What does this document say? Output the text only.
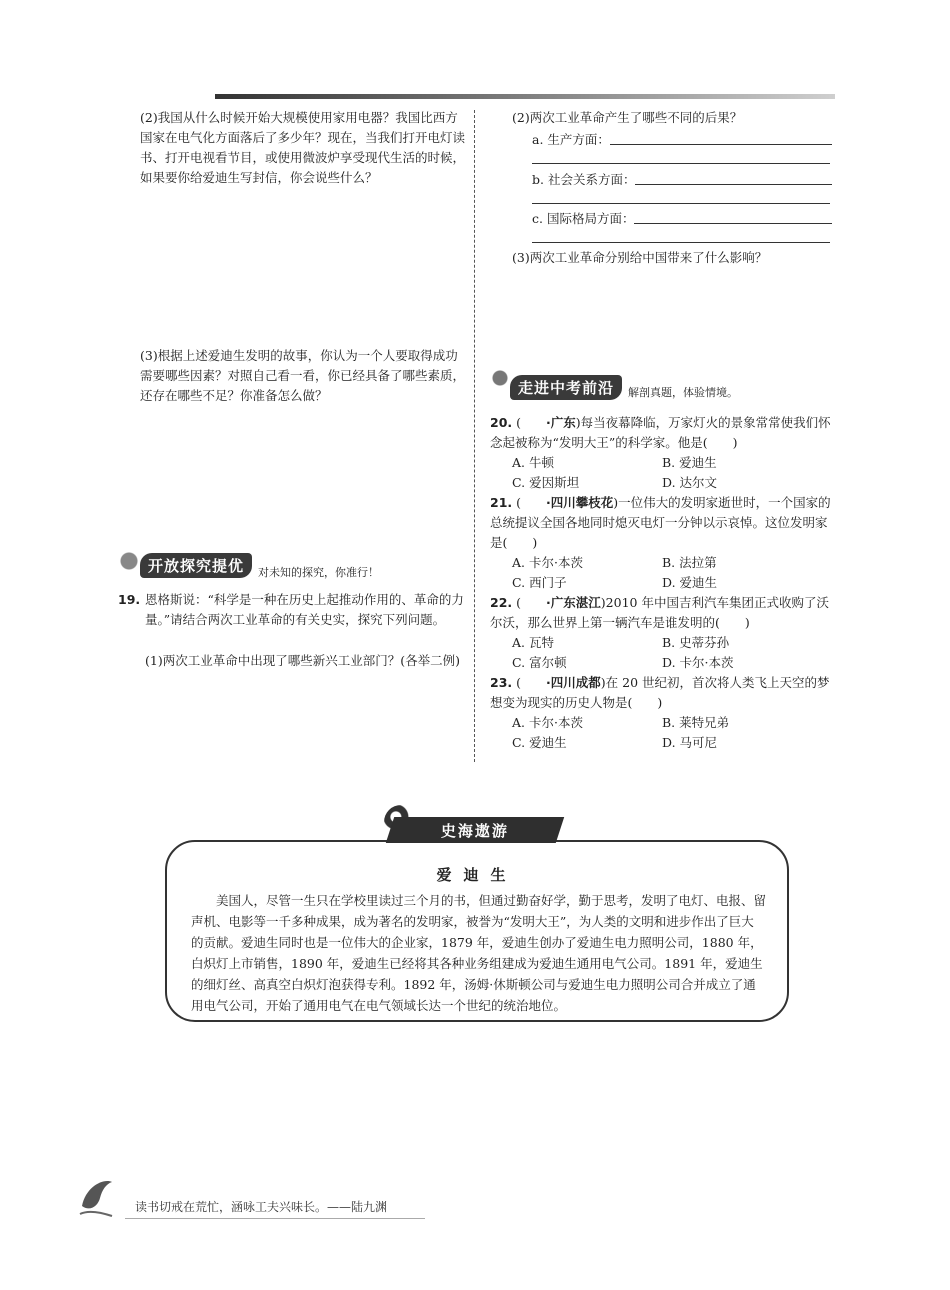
(2)我国从什么时候开始大规模使用家用电器？我国比西方国家在电气化方面落后了多少年？现在，当我们打开电灯读书、打开电视看节目，或使用微波炉享受现代生活的时候，如果要你给爱迪生写封信，你会说些什么？
(3)根据上述爱迪生发明的故事，你认为一个人要取得成功需要哪些因素？对照自己看一看，你已经具备了哪些素质，还存在哪些不足？你准备怎么做？
开放探究提优	对未知的探究，你准行！
19. 恩格斯说：“科学是一种在历史上起推动作用的、革命的力量。”请结合两次工业革命的有关史实，探究下列问题。
(1)两次工业革命中出现了哪些新兴工业部门？(各举二例)
(2)两次工业革命产生了哪些不同的后果？
a. 生产方面：
b. 社会关系方面：
c. 国际格局方面：
(3)两次工业革命分别给中国带来了什么影响？
走进中考前沿	解剖真题，体验情境。
20. (　　 ·广东)每当夜幕降临，万家灯火的景象常常使我们怀念起被称为“发明大王”的科学家。他是(　　)
A. 牛顿	B. 爱迪生
C. 爱因斯坦	D. 达尔文
21. (　　 ·四川攀枝花)一位伟大的发明家逝世时，一个国家的总统提议全国各地同时熄灭电灯一分钟以示哀悼。这位发明家是(　　)
A. 卡尔·本茨	B. 法拉第
C. 西门子	D. 爱迪生
22. (　　 ·广东湛江)2010 年中国吉利汽车集团正式收购了沃尔沃，那么世界上第一辆汽车是谁发明的(　　)
A. 瓦特	B. 史蒂芬孙
C. 富尔顿	D. 卡尔·本茨
23. (　　 ·四川成都)在 20 世纪初，首次将人类飞上天空的梦想变为现实的历史人物是(　　)
A. 卡尔·本茨	B. 莱特兄弟
C. 爱迪生	D. 马可尼
爱迪生
美国人，尽管一生只在学校里读过三个月的书，但通过勤奋好学，勤于思考，发明了电灯、电报、留声机、电影等一千多种成果，成为著名的发明家，被誉为“发明大王”，为人类的文明和进步作出了巨大的贡献。爱迪生同时也是一位伟大的企业家，1879 年，爱迪生创办了爱迪生电力照明公司，1880 年，白炽灯上市销售，1890 年，爱迪生已经将其各种业务组建成为爱迪生通用电气公司。1891 年，爱迪生的细灯丝、高真空白炽灯泡获得专利。1892 年，汤姆·休斯顿公司与爱迪生电力照明公司合并成立了通用电气公司，开始了通用电气在电气领域长达一个世纪的统治地位。
史海遨游
读书切戒在荒忙，涵咏工夫兴味长。——陆九渊
